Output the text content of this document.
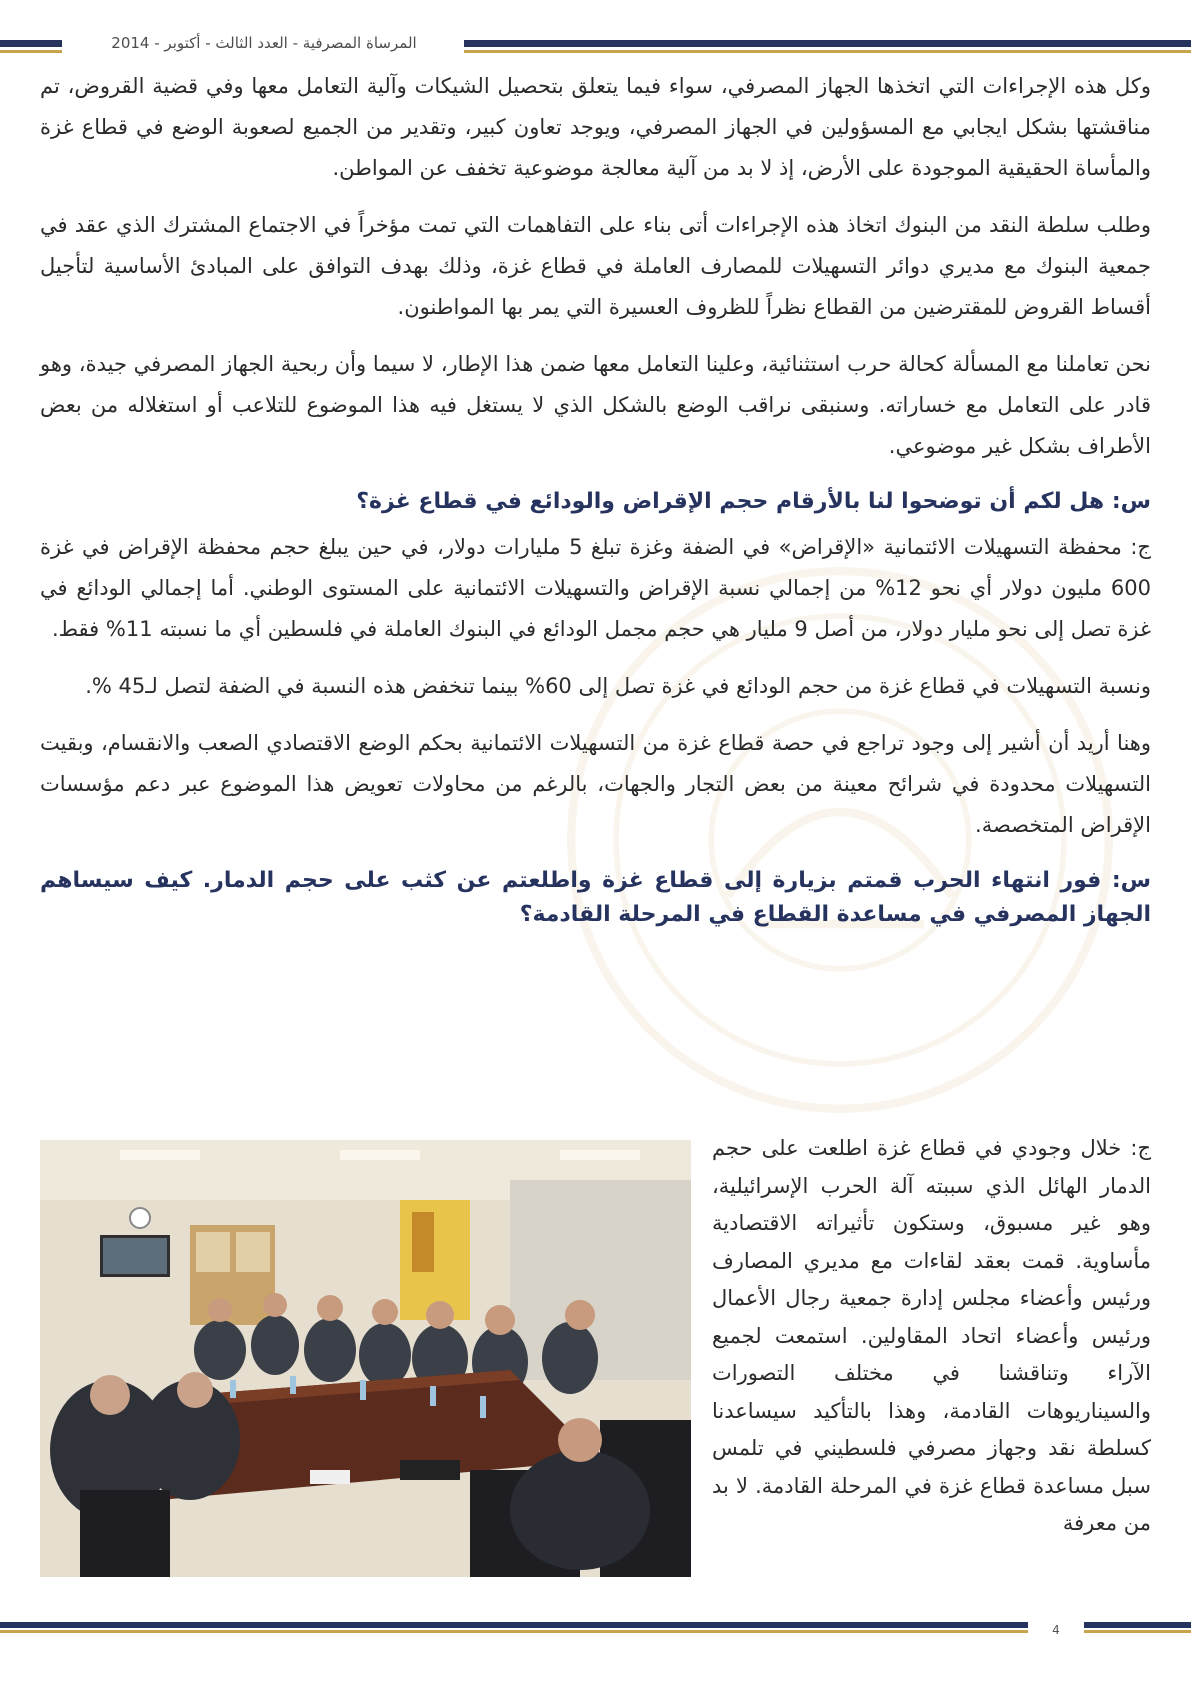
المرساة المصرفية - العدد الثالث - أكتوبر - 2014

وكل هذه الإجراءات التي اتخذها الجهاز المصرفي، سواء فيما يتعلق بتحصيل الشيكات وآلية التعامل معها وفي قضية القروض، تم مناقشتها بشكل ايجابي مع المسؤولين في الجهاز المصرفي، ويوجد تعاون كبير، وتقدير من الجميع لصعوبة الوضع في قطاع غزة والمأساة الحقيقية الموجودة على الأرض، إذ لا بد من آلية معالجة موضوعية تخفف عن المواطن.

وطلب سلطة النقد من البنوك اتخاذ هذه الإجراءات أتى بناء على التفاهمات التي تمت مؤخراً في الاجتماع المشترك الذي عقد في جمعية البنوك مع مديري دوائر التسهيلات للمصارف العاملة في قطاع غزة، وذلك بهدف التوافق على المبادئ الأساسية لتأجيل أقساط القروض للمقترضين من القطاع نظراً للظروف العسيرة التي يمر بها المواطنون.

نحن تعاملنا مع المسألة كحالة حرب استثنائية، وعلينا التعامل معها ضمن هذا الإطار، لا سيما وأن ربحية الجهاز المصرفي جيدة، وهو قادر على التعامل مع خساراته. وسنبقى نراقب الوضع بالشكل الذي لا يستغل فيه هذا الموضوع للتلاعب أو استغلاله من بعض الأطراف بشكل غير موضوعي.

س: هل لكم أن توضحوا لنا بالأرقام حجم الإقراض والودائع في قطاع غزة؟

ج: محفظة التسهيلات الائتمانية «الإقراض» في الضفة وغزة تبلغ 5 مليارات دولار، في حين يبلغ حجم محفظة الإقراض في غزة 600 مليون دولار أي نحو 12% من إجمالي نسبة الإقراض والتسهيلات الائتمانية على المستوى الوطني. أما إجمالي الودائع في غزة تصل إلى نحو مليار دولار، من أصل 9 مليار هي حجم مجمل الودائع في البنوك العاملة في فلسطين أي ما نسبته 11% فقط.

ونسبة التسهيلات في قطاع غزة من حجم الودائع في غزة تصل إلى 60% بينما تنخفض هذه النسبة في الضفة لتصل لـ45 %.

وهنا أريد أن أشير إلى وجود تراجع في حصة قطاع غزة من التسهيلات الائتمانية بحكم الوضع الاقتصادي الصعب والانقسام، وبقيت التسهيلات محدودة في شرائح معينة من بعض التجار والجهات، بالرغم من محاولات تعويض هذا الموضوع عبر دعم مؤسسات الإقراض المتخصصة.

س: فور انتهاء الحرب قمتم بزيارة إلى قطاع غزة واطلعتم عن كثب على حجم الدمار. كيف سيساهم الجهاز المصرفي في مساعدة القطاع في المرحلة القادمة؟

ج: خلال وجودي في قطاع غزة اطلعت على حجم الدمار الهائل الذي سببته آلة الحرب الإسرائيلية، وهو غير مسبوق، وستكون تأثيراته الاقتصادية مأساوية. قمت بعقد لقاءات مع مديري المصارف ورئيس وأعضاء مجلس إدارة جمعية رجال الأعمال ورئيس وأعضاء اتحاد المقاولين. استمعت لجميع الآراء وتناقشنا في مختلف التصورات والسيناريوهات القادمة، وهذا بالتأكيد سيساعدنا كسلطة نقد وجهاز مصرفي فلسطيني في تلمس سبل مساعدة قطاع غزة في المرحلة القادمة. لا بد من معرفة

4
